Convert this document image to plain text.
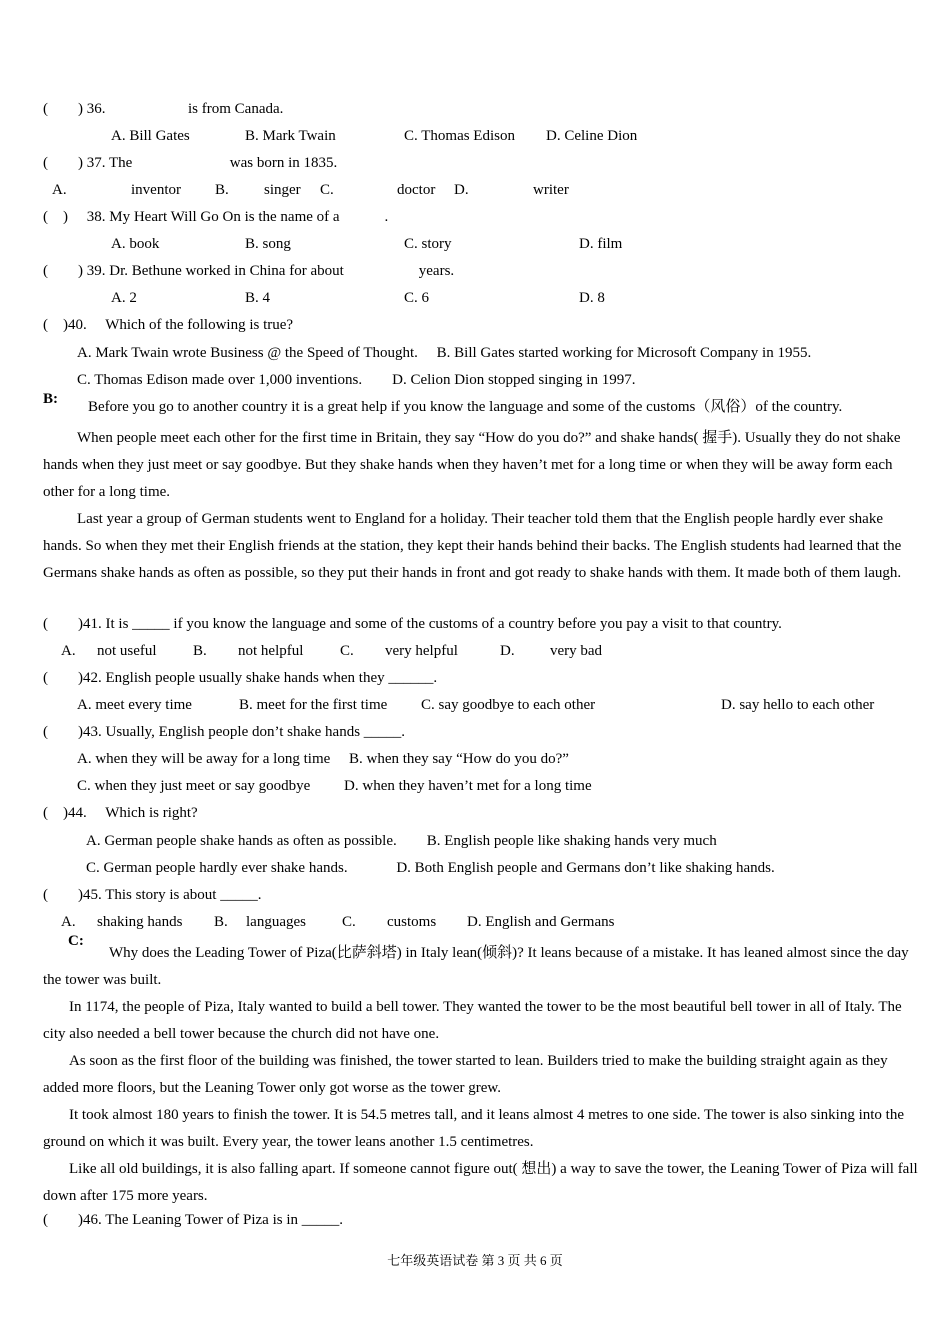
(        ) 36.                      is from Canada.
A. Bill Gates	B. Mark Twain	C. Thomas Edison D. Celine Dion
(        ) 37. The                          was born in 1835.
A.	inventor B. singer C.	doctor D.	writer
(    )     38. My Heart Will Go On is the name of a            .
A. book	B. song	C. story	D. film
(        ) 39. Dr. Bethune worked in China for about                    years.
A. 2	B. 4	C. 6	D. 8
(    )40.     Which of the following is true?
A. Mark Twain wrote Business @ the Speed of Thought.     B. Bill Gates started working for Microsoft Company in 1955.
C. Thomas Edison made over 1,000 inventions.        D. Celion Dion stopped singing in 1997.
B: Before you go to another country it is a great help if you know the language and some of the customs（风俗）of the country.
When people meet each other for the first time in Britain, they say “How do you do?” and shake hands( 握手). Usually they do not shake hands when they just meet or say goodbye. But they shake hands when they haven’t met for a long time or when they will be away form each other for a long time.
Last year a group of German students went to England for a holiday. Their teacher told them that the English people hardly ever shake hands. So when they met their English friends at the station, they kept their hands behind their backs. The English students had learned that the Germans shake hands as often as possible, so they put their hands in front and got ready to shake hands with them. It made both of them laugh.
(        )41. It is _____ if you know the language and some of the customs of a country before you pay a visit to that country.
A. not useful B. not helpful C. very helpful	D. very bad
(        )42. English people usually shake hands when they ______.
A. meet every time	B. meet for the first time C. say goodbye to each other	D. say hello to each other
(        )43. Usually, English people don’t shake hands _____.
A. when they will be away for a long time     B. when they say “How do you do?”
C. when they just meet or say goodbye         D. when they haven’t met for a long time
(    )44.     Which is right?
A. German people shake hands as often as possible.        B. English people like shaking hands very much
C. German people hardly ever shake hands.             D. Both English people and Germans don’t like shaking hands.
(        )45. This story is about _____.
A. shaking hands B. languages C. customs D. English and Germans
C:
Why does the Leading Tower of Piza(比萨斜塔) in Italy lean(倾斜)? It leans because of a mistake. It has leaned almost since the day the tower was built.
In 1174, the people of Piza, Italy wanted to build a bell tower. They wanted the tower to be the most beautiful bell tower in all of Italy. The city also needed a bell tower because the church did not have one.
As soon as the first floor of the building was finished, the tower started to lean. Builders tried to make the building straight again as they added more floors, but the Leaning Tower only got worse as the tower grew.
It took almost 180 years to finish the tower. It is 54.5 metres tall, and it leans almost 4 metres to one side. The tower is also sinking into the ground on which it was built. Every year, the tower leans another 1.5 centimetres.
Like all old buildings, it is also falling apart. If someone cannot figure out( 想出) a way to save the tower, the Leaning Tower of Piza will fall down after 175 more years.
(        )46. The Leaning Tower of Piza is in _____.
七年级英语试卷 第 3 页 共 6 页
